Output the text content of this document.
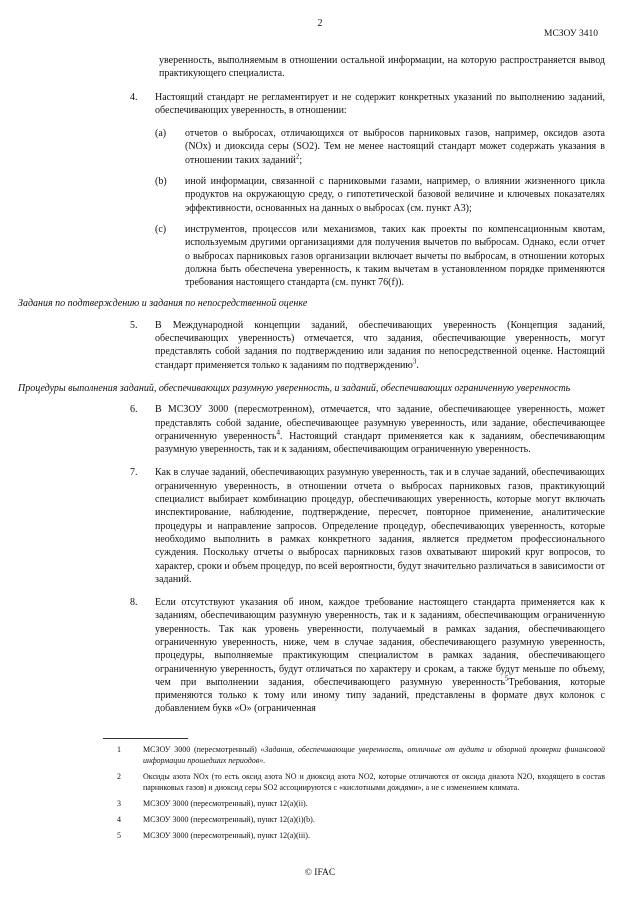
2
МСЗОУ 3410
уверенность, выполняемым в отношении остальной информации, на которую распространяется вывод практикующего специалиста.
4.	Настоящий стандарт не регламентирует и не содержит конкретных указаний по выполнению заданий, обеспечивающих уверенность, в отношении:
(a)	отчетов о выбросах, отличающихся от выбросов парниковых газов, например, оксидов азота (NOx) и диоксида серы (SO2). Тем не менее настоящий стандарт может содержать указания в отношении таких заданий$^2$;
(b)	иной информации, связанной с парниковыми газами, например, о влиянии жизненного цикла продуктов на окружающую среду, о гипотетической базовой величине и ключевых показателях эффективности, основанных на данных о выбросах (см. пункт A3);
(c)	инструментов, процессов или механизмов, таких как проекты по компенсационным квотам, используемым другими организациями для получения вычетов по выбросам. Однако, если отчет о выбросах парниковых газов организации включает вычеты по выбросам, в отношении которых должна быть обеспечена уверенность, к таким вычетам в установленном порядке применяются требования настоящего стандарта (см. пункт 76(f)).
Задания по подтверждению и задания по непосредственной оценке
5.	В Международной концепции заданий, обеспечивающих уверенность (Концепция заданий, обеспечивающих уверенность) отмечается, что задания, обеспечивающие уверенность, могут представлять собой задания по подтверждению или задания по непосредственной оценке. Настоящий стандарт применяется только к заданиям по подтверждению$^3$.
Процедуры выполнения заданий, обеспечивающих разумную уверенность, и заданий, обеспечивающих ограниченную уверенность
6.	В МСЗОУ 3000 (пересмотренном), отмечается, что задание, обеспечивающее уверенность, может представлять собой задание, обеспечивающее разумную уверенность, или задание, обеспечивающее ограниченную уверенность$^4$. Настоящий стандарт применяется как к заданиям, обеспечивающим разумную уверенность, так и к заданиям, обеспечивающим ограниченную уверенность.
7.	Как в случае заданий, обеспечивающих разумную уверенность, так и в случае заданий, обеспечивающих ограниченную уверенность, в отношении отчета о выбросах парниковых газов, практикующий специалист выбирает комбинацию процедур, обеспечивающих уверенность, которые могут включать инспектирование, наблюдение, подтверждение, пересчет, повторное применение, аналитические процедуры и направление запросов. Определение процедур, обеспечивающих уверенность, которые необходимо выполнить в рамках конкретного задания, является предметом профессионального суждения. Поскольку отчеты о выбросах парниковых газов охватывают широкий круг вопросов, то характер, сроки и объем процедур, по всей вероятности, будут значительно различаться в зависимости от заданий.
8.	Если отсутствуют указания об ином, каждое требование настоящего стандарта применяется как к заданиям, обеспечивающим разумную уверенность, так и к заданиям, обеспечивающим ограниченную уверенность. Так как уровень уверенности, получаемый в рамках задания, обеспечивающего ограниченную уверенность, ниже, чем в случае задания, обеспечивающего разумную уверенность, процедуры, выполняемые практикующим специалистом в рамках задания, обеспечивающего ограниченную уверенность, будут отличаться по характеру и срокам, а также будут меньше по объему, чем при выполнении задания, обеспечивающего разумную уверенность$^5$Требования, которые применяются только к тому или иному типу заданий, представлены в формате двух колонок с добавлением букв «О» (ограниченная
1	МСЗОУ 3000 (пересмотренный) «Задания, обеспечивающие уверенность, отличные от аудита и обзорной проверки финансовой информации прошедших периодов».
2	Оксиды азота NOx (то есть оксид азота NO и диоксид азота NO2, которые отличаются от оксида диазота N2O, входящего в состав парниковых газов) и диоксид серы SO2 ассоциируются с «кислотными дождями», а не с изменением климата.
3	МСЗОУ 3000 (пересмотренный), пункт 12(a)(ii).
4	МСЗОУ 3000 (пересмотренный), пункт 12(a)(i)(b).
5	МСЗОУ 3000 (пересмотренный), пункт 12(a)(iii).
© IFAC
